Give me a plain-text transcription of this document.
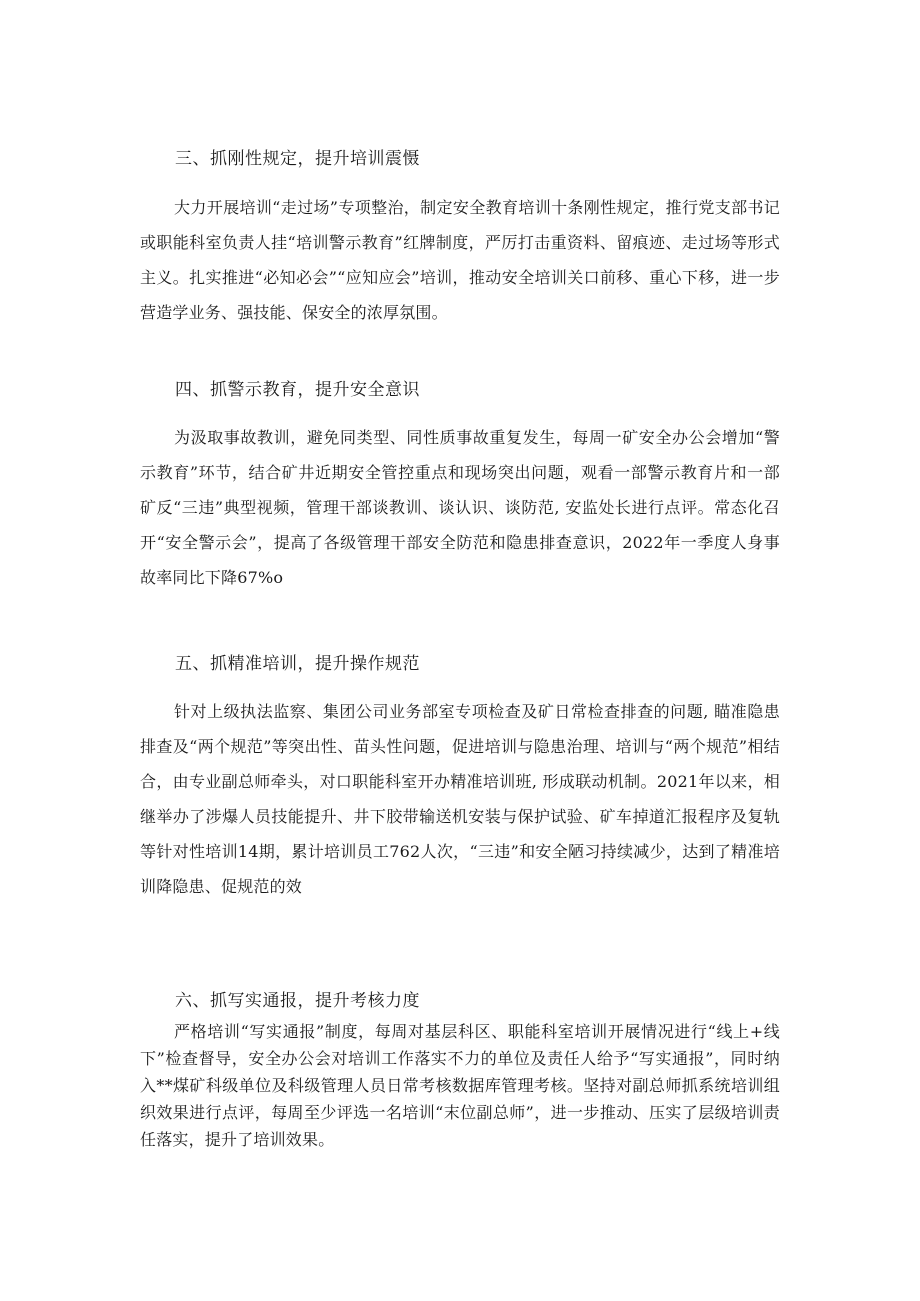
三、抓刚性规定，提升培训震慑
大力开展培训“走过场”专项整治，制定安全教育培训十条刚性规定，推行党支部书记或职能科室负责人挂“培训警示教育”红牌制度，严厉打击重资料、留痕迹、走过场等形式主义。扎实推进“必知必会”“应知应会”培训，推动安全培训关口前移、重心下移，进一步营造学业务、强技能、保安全的浓厚氛围。
四、抓警示教育，提升安全意识
为汲取事故教训，避免同类型、同性质事故重复发生，每周一矿安全办公会增加“警示教育”环节，结合矿井近期安全管控重点和现场突出问题，观看一部警示教育片和一部矿反“三违”典型视频，管理干部谈教训、谈认识、谈防范, 安监处长进行点评。常态化召开“安全警示会”，提高了各级管理干部安全防范和隐患排查意识，2022年一季度人身事故率同比下降67%o
五、抓精准培训，提升操作规范
针对上级执法监察、集团公司业务部室专项检查及矿日常检查排查的问题, 瞄准隐患排查及“两个规范”等突出性、苗头性问题，促进培训与隐患治理、培训与“两个规范”相结合，由专业副总师牵头，对口职能科室开办精准培训班, 形成联动机制。2021年以来，相继举办了涉爆人员技能提升、井下胶带输送机安装与保护试验、矿车掉道汇报程序及复轨等针对性培训14期，累计培训员工762人次，“三违”和安全陋习持续减少，达到了精准培训降隐患、促规范的效
六、抓写实通报，提升考核力度
严格培训“写实通报”制度，每周对基层科区、职能科室培训开展情况进行“线上+线下”检查督导，安全办公会对培训工作落实不力的单位及责任人给予“写实通报”，同时纳入**煤矿科级单位及科级管理人员日常考核数据库管理考核。坚持对副总师抓系统培训组织效果进行点评，每周至少评选一名培训“末位副总师”，进一步推动、压实了层级培训责任落实，提升了培训效果。
